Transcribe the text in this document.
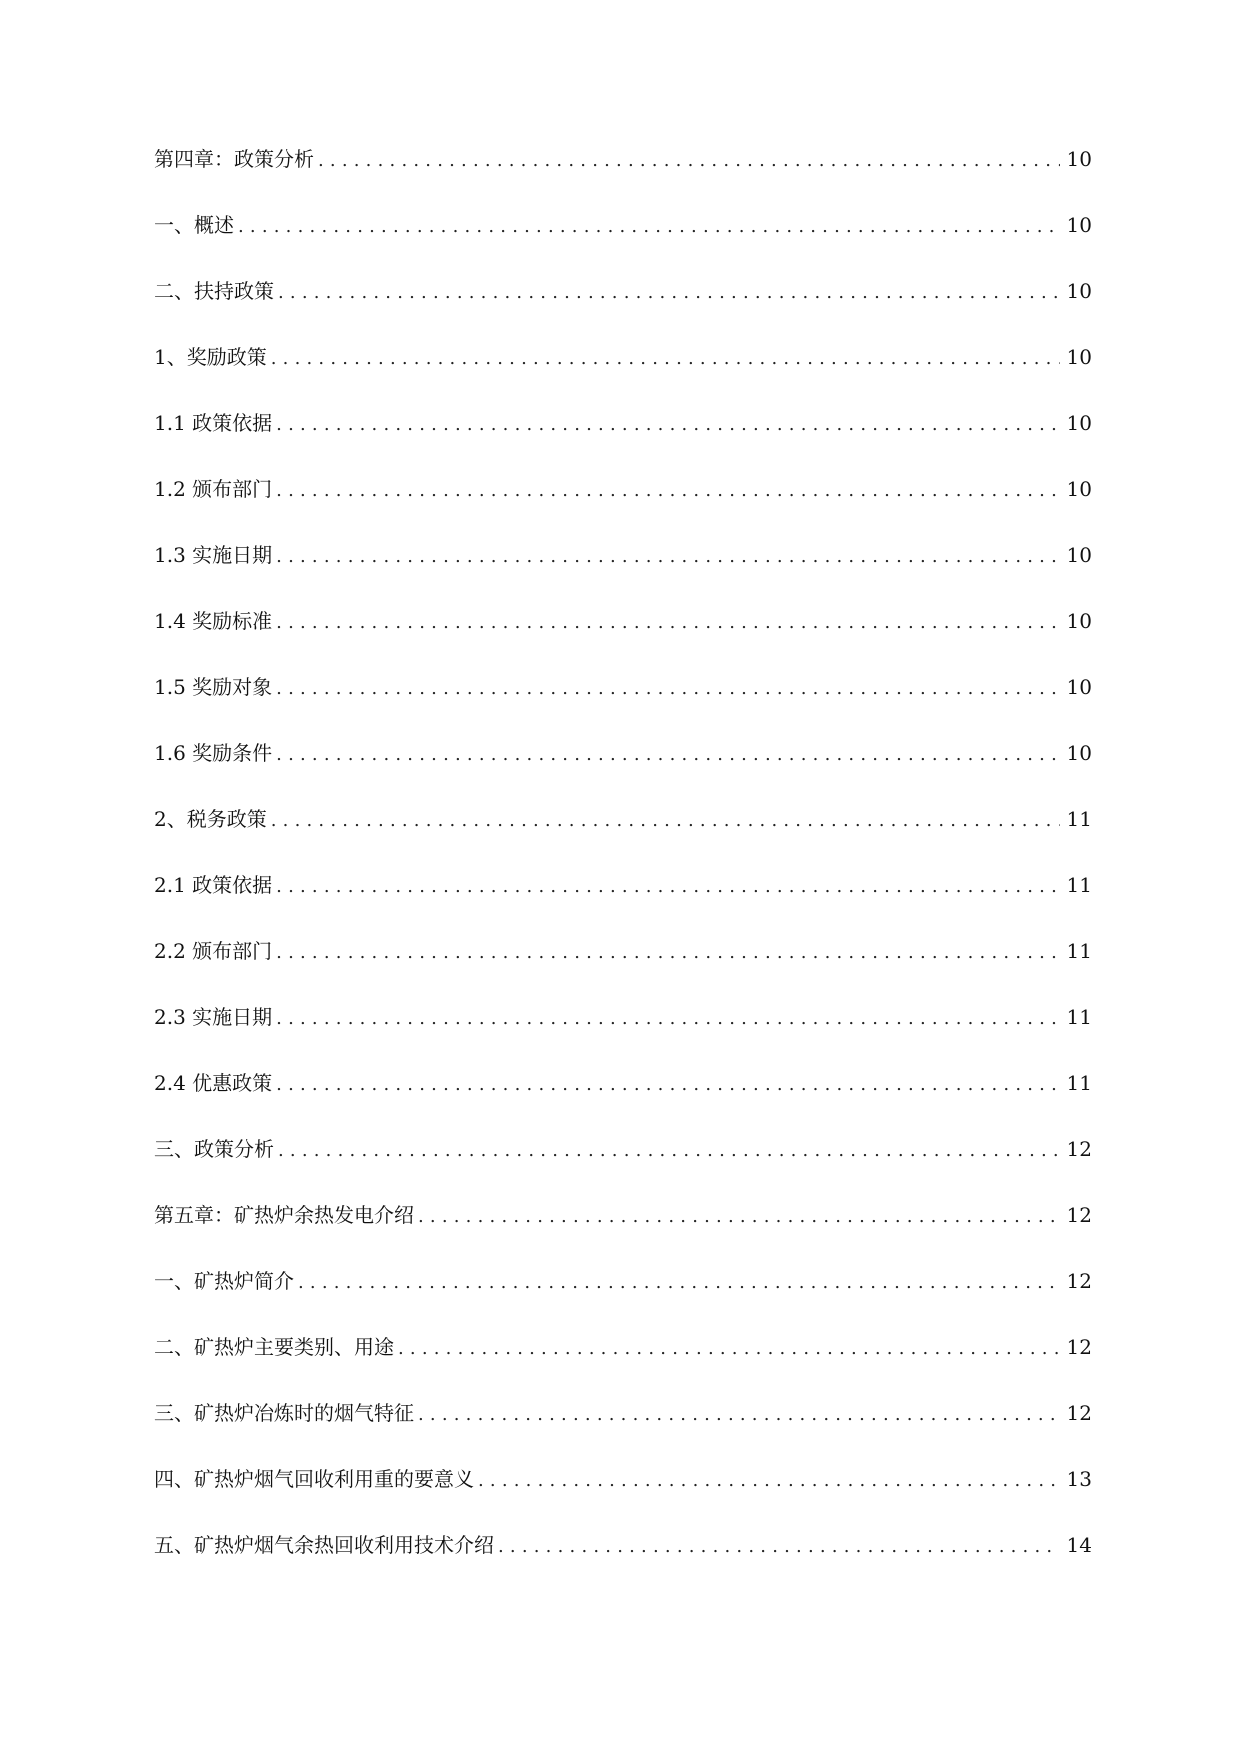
第四章：政策分析 .....	10
一、概述 .....	10
二、扶持政策 .....	10
1、奖励政策 .....	10
1.1 政策依据 .....	10
1.2 颁布部门 .....	10
1.3 实施日期 .....	10
1.4 奖励标准 .....	10
1.5 奖励对象 .....	10
1.6 奖励条件 .....	10
2、税务政策 .....	11
2.1 政策依据 .....	11
2.2 颁布部门 .....	11
2.3 实施日期 .....	11
2.4 优惠政策 .....	11
三、政策分析 .....	12
第五章：矿热炉余热发电介绍 .....	12
一、矿热炉简介 .....	12
二、矿热炉主要类别、用途 .....	12
三、矿热炉冶炼时的烟气特征 .....	12
四、矿热炉烟气回收利用重的要意义 .....	13
五、矿热炉烟气余热回收利用技术介绍 .....	14
